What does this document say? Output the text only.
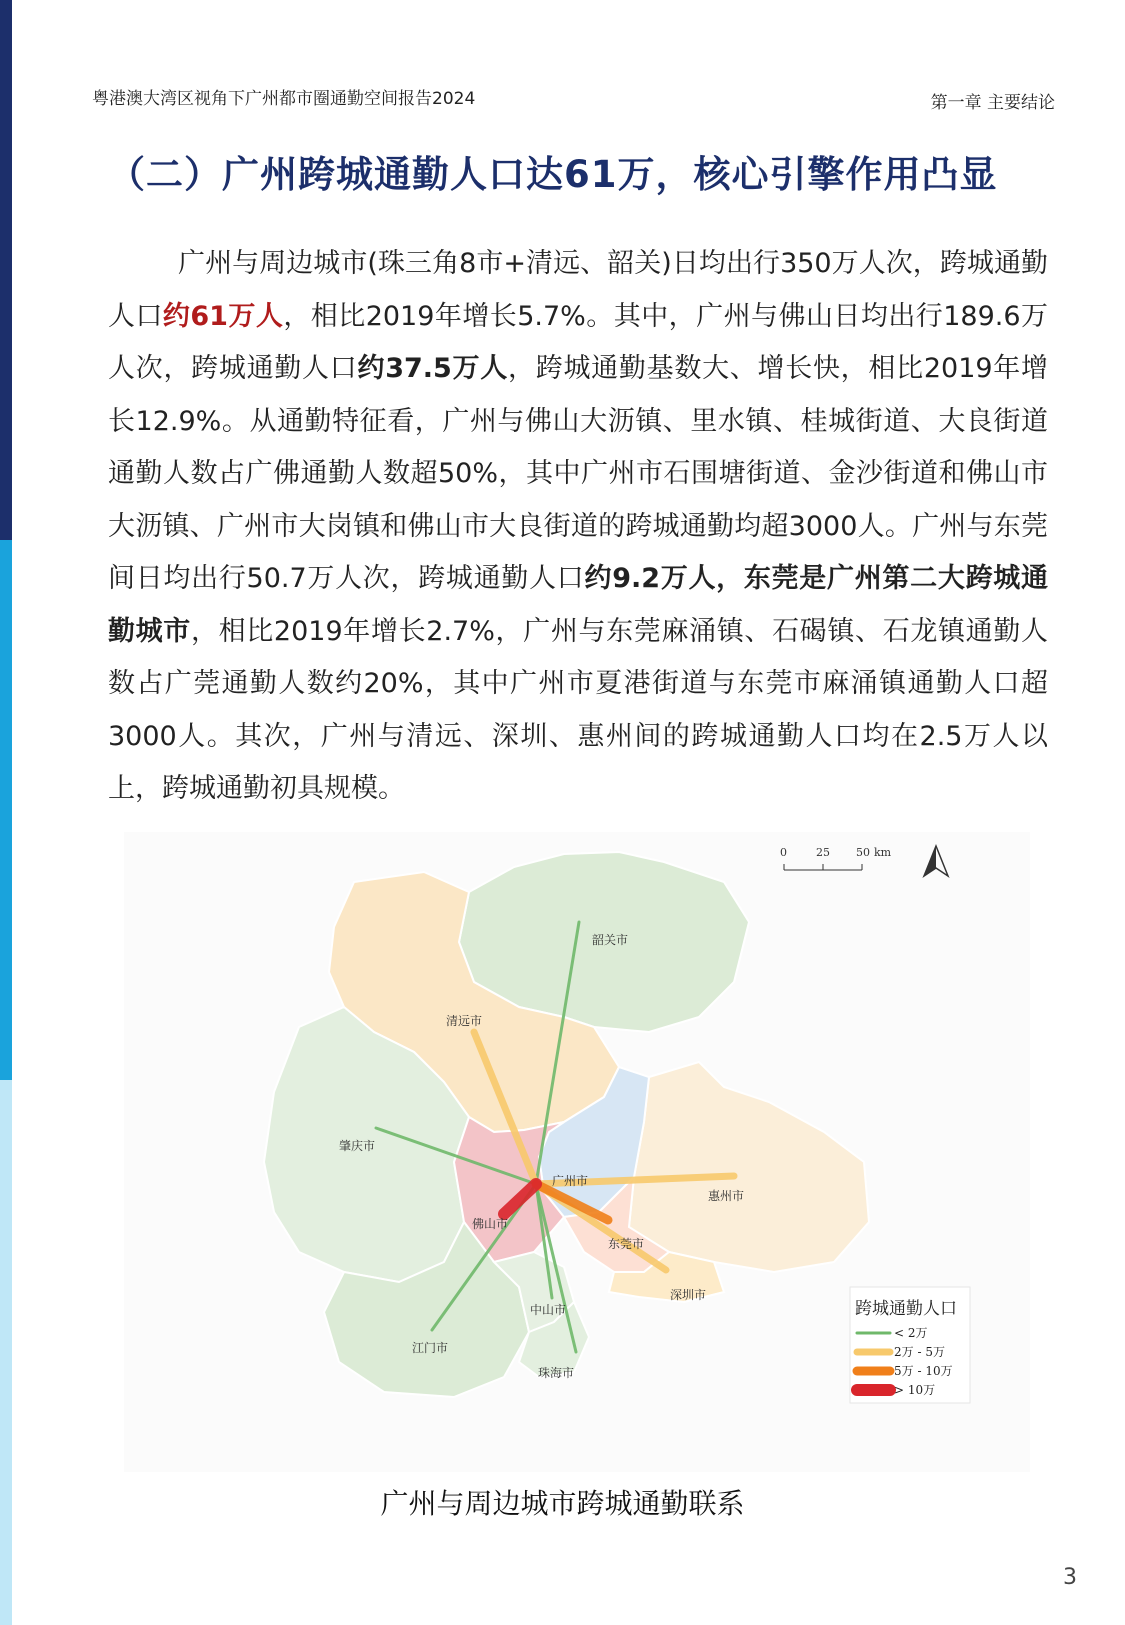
粤港澳大湾区视角下广州都市圈通勤空间报告2024	第一章 主要结论
（二）广州跨城通勤人口达61万，核心引擎作用凸显
广州与周边城市(珠三角8市+清远、韶关)日均出行350万人次，跨城通勤人口约61万人，相比2019年增长5.7%。其中，广州与佛山日均出行189.6万人次，跨城通勤人口约37.5万人，跨城通勤基数大、增长快，相比2019年增长12.9%。从通勤特征看，广州与佛山大沥镇、里水镇、桂城街道、大良街道通勤人数占广佛通勤人数超50%，其中广州市石围塘街道、金沙街道和佛山市大沥镇、广州市大岗镇和佛山市大良街道的跨城通勤均超3000人。广州与东莞间日均出行50.7万人次，跨城通勤人口约9.2万人，东莞是广州第二大跨城通勤城市，相比2019年增长2.7%，广州与东莞麻涌镇、石碣镇、石龙镇通勤人数占广莞通勤人数约20%，其中广州市夏港街道与东莞市麻涌镇通勤人口超3000人。其次，广州与清远、深圳、惠州间的跨城通勤人口均在2.5万人以上，跨城通勤初具规模。
韶关市
清远市
肇庆市
广州市
惠州市
佛山市
东莞市
深圳市
中山市
江门市
珠海市
0	25 50 km
跨城通勤人口
< 2万
2万 - 5万
5万 - 10万
> 10万
广州与周边城市跨城通勤联系
3
